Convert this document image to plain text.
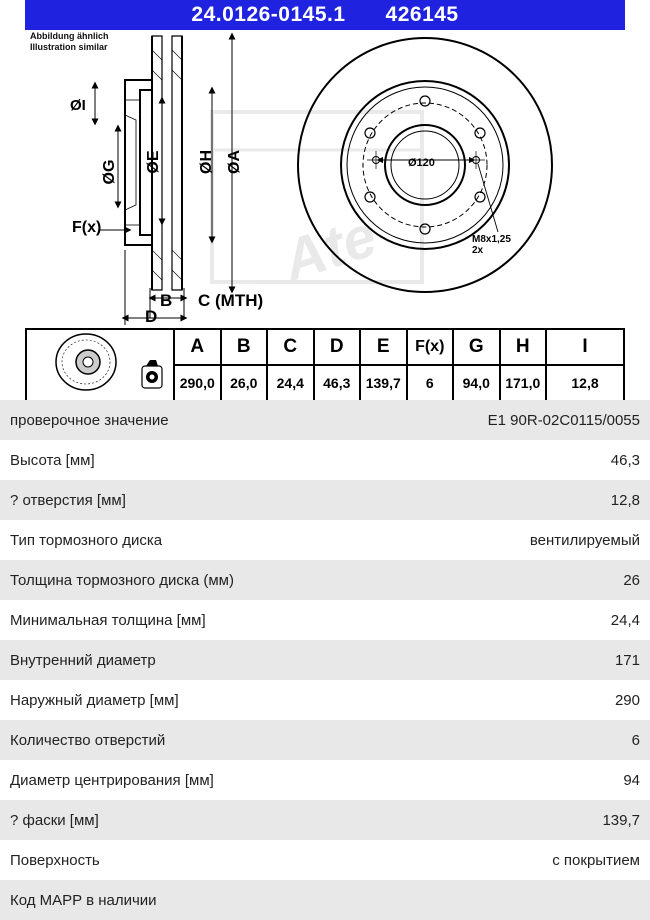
24.0126-0145.1 426145
Abbildung ähnlich
Illustration similar
Ate
ØI
ØG ØE ØH ØA
F(x)
B C (MTH)
D
Ø120
M8x1,25
2x
	A	B	C	D	E	F(x)	G	H	I
	290,0	26,0	24,4	46,3	139,7	6	94,0	171,0	12,8
проверочное значение	E1 90R-02C0115/0055
Высота [мм]	46,3
? отверстия [мм]	12,8
Тип тормозного диска	вентилируемый
Толщина тормозного диска (мм)	26
Минимальная толщина [мм]	24,4
Внутренний диаметр	171
Наружный диаметр [мм]	290
Количество отверстий	6
Диаметр центрирования [мм]	94
? фаски [мм]	139,7
Поверхность	с покрытием
Код MAPP в наличии
